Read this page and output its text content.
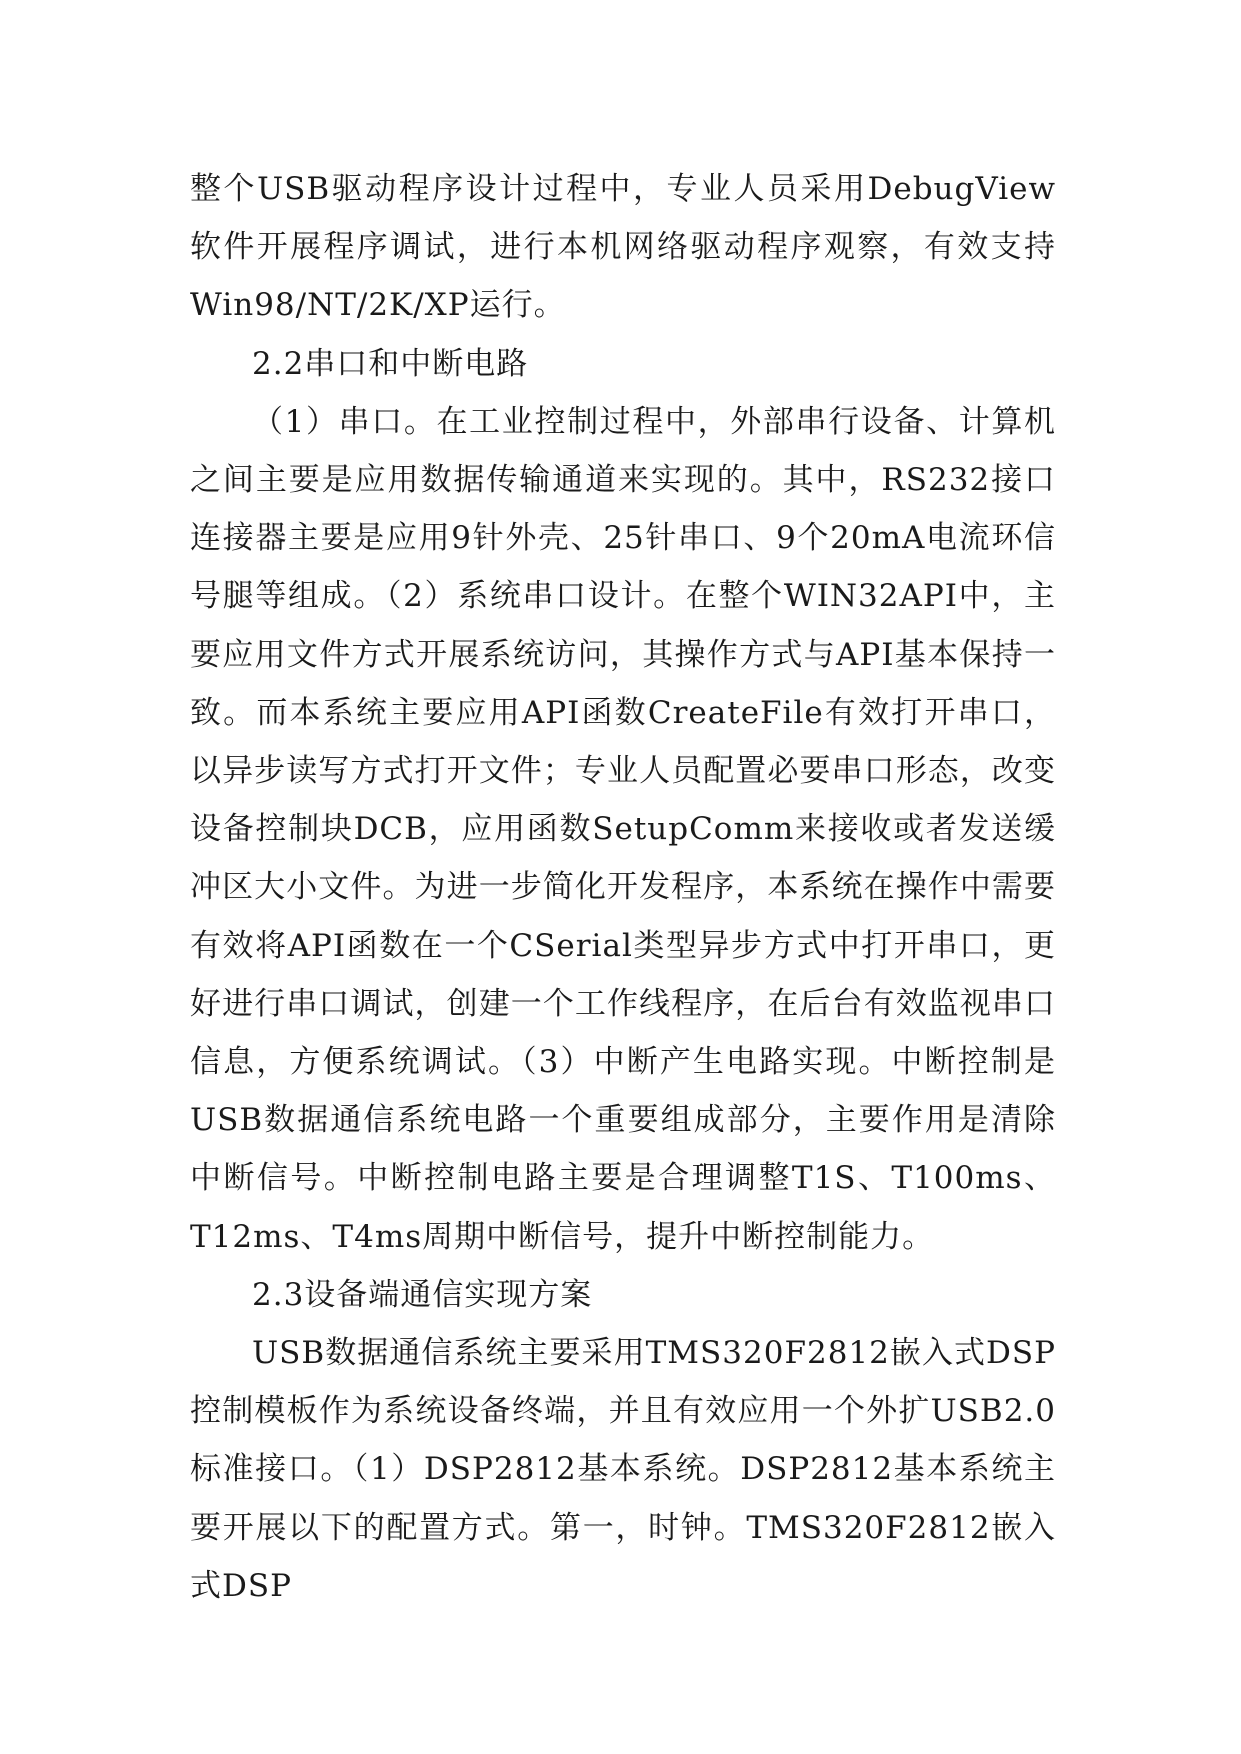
整个USB驱动程序设计过程中，专业人员采用DebugView软件开展程序调试，进行本机网络驱动程序观察，有效支持Win98/NT/2K/XP运行。

2.2串口和中断电路

（1）串口。在工业控制过程中，外部串行设备、计算机之间主要是应用数据传输通道来实现的。其中，RS232接口连接器主要是应用9针外壳、25针串口、9个20mA电流环信号腿等组成。（2）系统串口设计。在整个WIN32API中，主要应用文件方式开展系统访问，其操作方式与API基本保持一致。而本系统主要应用API函数CreateFile有效打开串口，以异步读写方式打开文件；专业人员配置必要串口形态，改变设备控制块DCB，应用函数SetupComm来接收或者发送缓冲区大小文件。为进一步简化开发程序，本系统在操作中需要有效将API函数在一个CSerial类型异步方式中打开串口，更好进行串口调试，创建一个工作线程序，在后台有效监视串口信息，方便系统调试。（3）中断产生电路实现。中断控制是USB数据通信系统电路一个重要组成部分，主要作用是清除中断信号。中断控制电路主要是合理调整T1S、T100ms、T12ms、T4ms周期中断信号，提升中断控制能力。

2.3设备端通信实现方案

USB数据通信系统主要采用TMS320F2812嵌入式DSP控制模板作为系统设备终端，并且有效应用一个外扩USB2.0标准接口。（1）DSP2812基本系统。DSP2812基本系统主要开展以下的配置方式。第一，时钟。TMS320F2812嵌入式DSP
